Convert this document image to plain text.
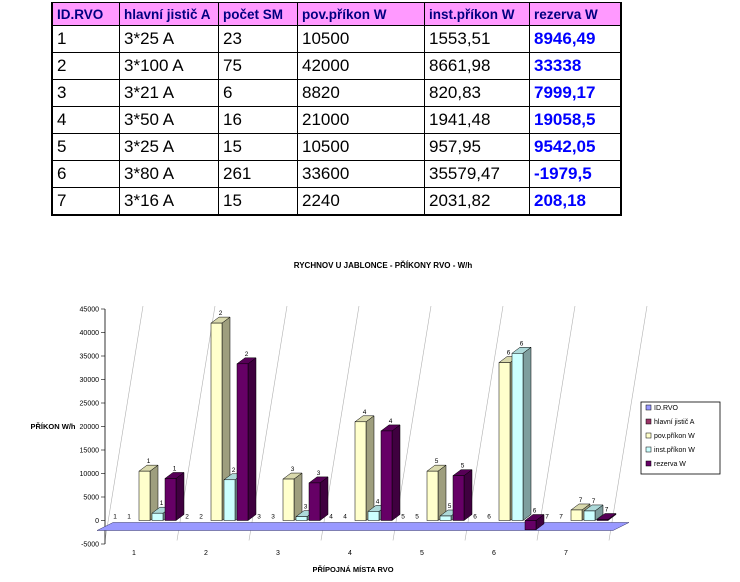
ID.RVO	hlavní jistič A	počet SM	pov.příkon W	inst.příkon W	rezerva W
1	3*25 A	23	10500	1553,51	8946,49
2	3*100 A	75	42000	8661,98	33338
3	3*21 A	6	8820	820,83	7999,17
4	3*50 A	16	21000	1941,48	19058,5
5	3*25 A	15	10500	957,95	9542,05
6	3*80 A	261	33600	35579,47	-1979,5
7	3*16 A	15	2240	2031,82	208,18
RYCHNOV U JABLONCE - PŘÍKONY RVO - W/h
PŘÍKON W/h
PŘÍPOJNÁ MÍSTA RVO
45000
40000
35000
30000
25000
20000
15000
10000
5000
0
-5000
1	2	3	4	5	6	7
1 1
1
1
1
2 2
2
2
2
3 3
3
3
3
4 4
4
4
4
5 5
5
5
5
6 6
6
6
6
7 7
7 7
7
ID.RVO
hlavní jistič A
pov.příkon W
inst.příkon W
rezerva W
